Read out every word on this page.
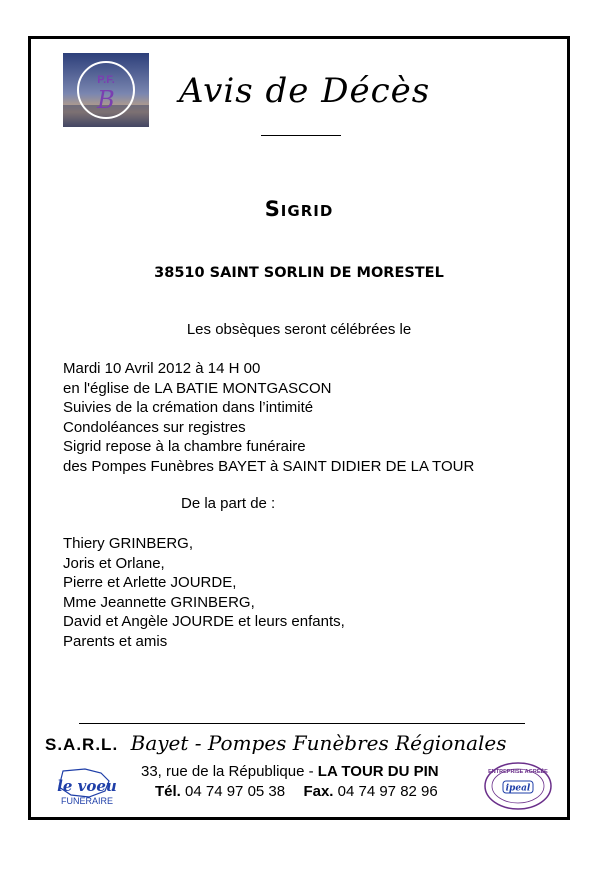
P.F.
B Avis de Décès
Sigrid
38510 SAINT SORLIN DE MORESTEL
Les obsèques seront célébrées le
Mardi 10 Avril 2012 à 14 H 00
en l'église de LA BATIE MONTGASCON
Suivies de la crémation dans l’intimité
Condoléances sur registres
Sigrid repose à la chambre funéraire
des Pompes Funèbres BAYET à SAINT DIDIER DE LA TOUR
De la part de :
Thiery GRINBERG,
Joris et Orlane,
Pierre et Arlette JOURDE,
Mme Jeannette GRINBERG,
David et Angèle JOURDE et leurs enfants,
Parents et amis
S.A.R.L. Bayet - Pompes Funèbres Régionales
le voeu
FUNERAIRE
33, rue de la République - LA TOUR DU PIN
Tél. 04 74 97 05 38 Fax. 04 74 97 82 96
ENTREPRISE AGRÉÉE
ipeal
